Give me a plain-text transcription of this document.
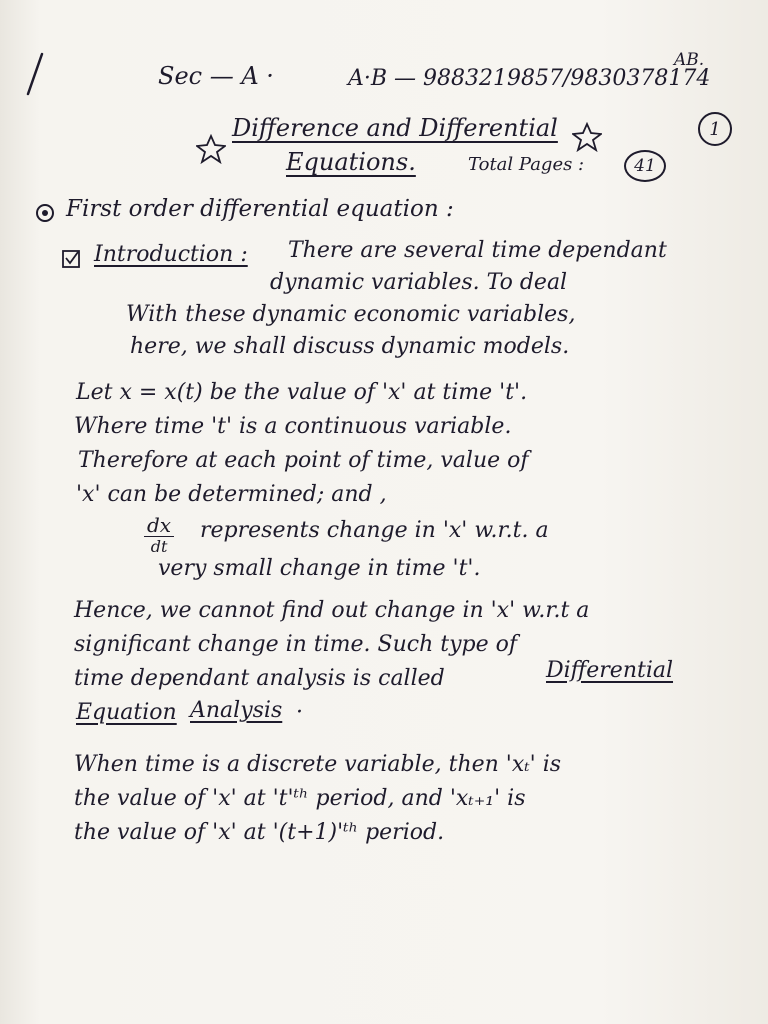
Sec — A ·	A·B — 9883219857/9830378174
AB.
1
Difference and Differential
Equations.	Total Pages :	41
First order differential equation :
Introduction : There are several time dependant
dynamic variables. To deal
With these dynamic economic variables,
here, we shall discuss dynamic models.
Let x = x(t) be the value of 'x' at time 't'.
Where time 't' is a continuous variable.
Therefore at each point of time, value of
'x' can be determined; and ,
dx
dt
represents change in 'x' w.r.t. a
very small change in time 't'.
Hence, we cannot find out change in 'x' w.r.t a
significant change in time. Such type of
time dependant analysis is called	Differential
Equation Analysis ·
When time is a discrete variable, then 'xₜ' is
the value of 'x' at 't'ᵗʰ period, and 'xₜ₊₁' is
the value of 'x' at '(t+1)'ᵗʰ period.
